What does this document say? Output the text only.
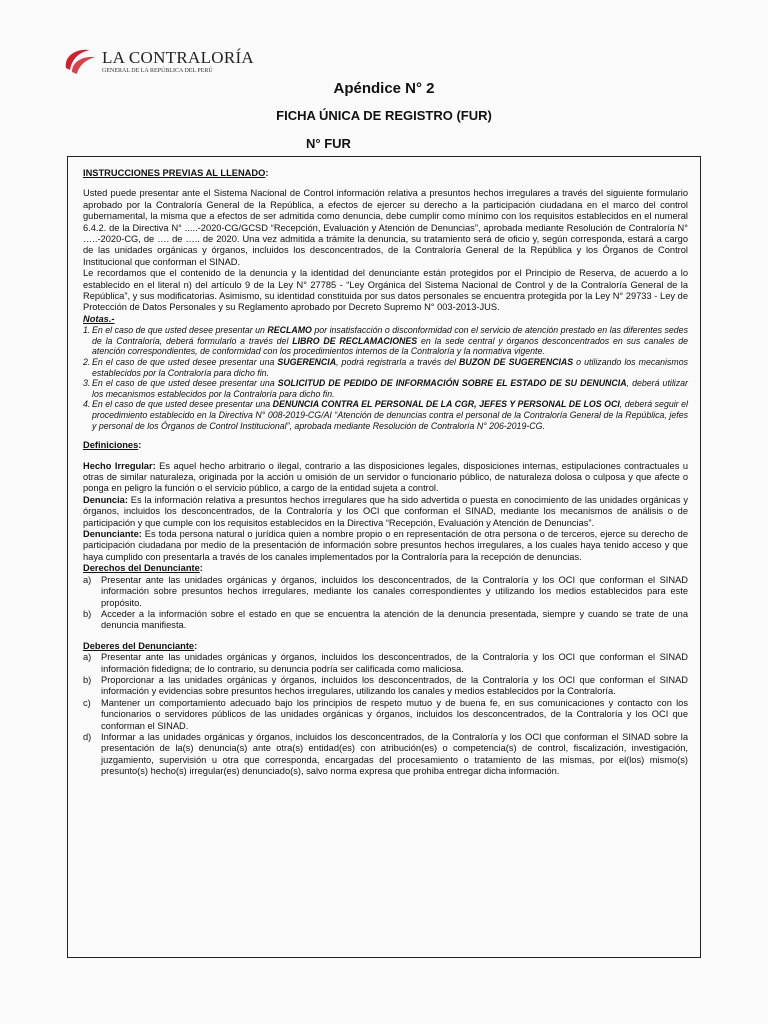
LA CONTRALORÍA
GENERAL DE LA REPÚBLICA DEL PERÚ
Apéndice N° 2
FICHA ÚNICA DE REGISTRO (FUR)
N° FUR
INSTRUCCIONES PREVIAS AL LLENADO:

Usted puede presentar ante el Sistema Nacional de Control información relativa a presuntos hechos irregulares a través del siguiente formulario aprobado por la Contraloría General de la República, a efectos de ejercer su derecho a la participación ciudadana en el marco del control gubernamental, la misma que a efectos de ser admitida como denuncia, debe cumplir como mínimo con los requisitos establecidos en el numeral 6.4.2. de la Directiva N° .....-2020-CG/GCSD “Recepción, Evaluación y Atención de Denuncias”, aprobada mediante Resolución de Contraloría N° …..-2020-CG, de …. de ….. de 2020. Una vez admitida a trámite la denuncia, su tratamiento será de oficio y, según corresponda, estará a cargo de las unidades orgánicas y órganos, incluidos los desconcentrados, de la Contraloría General de la República y los Órganos de Control Institucional que conforman el SINAD.

Le recordamos que el contenido de la denuncia y la identidad del denunciante están protegidos por el Principio de Reserva, de acuerdo a lo establecido en el literal n) del artículo 9 de la Ley N° 27785 - “Ley Orgánica del Sistema Nacional de Control y de la Contraloría General de la República”, y sus modificatorias. Asimismo, su identidad constituida por sus datos personales se encuentra protegida por la Ley N° 29733 - Ley de Protección de Datos Personales y su Reglamento aprobado por Decreto Supremo N° 003-2013-JUS.

Notas.-
1. En el caso de que usted desee presentar un RECLAMO por insatisfacción o disconformidad con el servicio de atención prestado en las diferentes sedes de la Contraloría, deberá formularlo a través del LIBRO DE RECLAMACIONES en la sede central y órganos desconcentrados en sus canales de atención correspondientes, de conformidad con los procedimientos internos de la Contraloría y la normativa vigente.
2. En el caso de que usted desee presentar una SUGERENCIA, podrá registrarla a través del BUZON DE SUGERENCIAS o utilizando los mecanismos establecidos por la Contraloría para dicho fin.
3. En el caso de que usted desee presentar una SOLICITUD DE PEDIDO DE INFORMACIÓN SOBRE EL ESTADO DE SU DENUNCIA, deberá utilizar los mecanismos establecidos por la Contraloría para dicho fin.
4. En el caso de que usted desee presentar una DENUNCIA CONTRA EL PERSONAL DE LA CGR, JEFES Y PERSONAL DE LOS OCI, deberá seguir el procedimiento establecido en la Directiva N° 008-2019-CG/AI “Atención de denuncias contra el personal de la Contraloría General de la República, jefes y personal de los Órganos de Control Institucional”, aprobada mediante Resolución de Contraloría N° 206-2019-CG.
Definiciones:

Hecho Irregular: Es aquel hecho arbitrario o ilegal, contrario a las disposiciones legales, disposiciones internas, estipulaciones contractuales u otras de similar naturaleza, originada por la acción u omisión de un servidor o funcionario público, de naturaleza dolosa o culposa y que afecte o ponga en peligro la función o el servicio público, a cargo de la entidad sujeta a control.

Denuncia: Es la información relativa a presuntos hechos irregulares que ha sido advertida o puesta en conocimiento de las unidades orgánicas y órganos, incluidos los desconcentrados, de la Contraloría y los OCI que conforman el SINAD, mediante los mecanismos de análisis o de participación y que cumple con los requisitos establecidos en la Directiva “Recepción, Evaluación y Atención de Denuncias”.

Denunciante: Es toda persona natural o jurídica quien a nombre propio o en representación de otra persona o de terceros, ejerce su derecho de participación ciudadana por medio de la presentación de información sobre presuntos hechos irregulares, a los cuales haya tenido acceso y que haya cumplido con presentarla a través de los canales implementados por la Contraloría para la recepción de denuncias.

Derechos del Denunciante:
a) Presentar ante las unidades orgánicas y órganos, incluidos los desconcentrados, de la Contraloría y los OCI que conforman el SINAD información sobre presuntos hechos irregulares, mediante los canales correspondientes y utilizando los medios establecidos para este propósito.
b) Acceder a la información sobre el estado en que se encuentra la atención de la denuncia presentada, siempre y cuando se trate de una denuncia manifiesta.
Deberes del Denunciante:
a) Presentar ante las unidades orgánicas y órganos, incluidos los desconcentrados, de la Contraloría y los OCI que conforman el SINAD información fidedigna; de lo contrario, su denuncia podría ser calificada como maliciosa.
b) Proporcionar a las unidades orgánicas y órganos, incluidos los desconcentrados, de la Contraloría y los OCI que conforman el SINAD información y evidencias sobre presuntos hechos irregulares, utilizando los canales y medios establecidos por la Contraloría.
c) Mantener un comportamiento adecuado bajo los principios de respeto mutuo y de buena fe, en sus comunicaciones y contacto con los funcionarios o servidores públicos de las unidades orgánicas y órganos, incluidos los desconcentrados, de la Contraloría y los OCI que conforman el SINAD.
d) Informar a las unidades orgánicas y órganos, incluidos los desconcentrados, de la Contraloría y los OCI que conforman el SINAD sobre la presentación de la(s) denuncia(s) ante otra(s) entidad(es) con atribución(es) o competencia(s) de control, fiscalización, investigación, juzgamiento, supervisión u otra que corresponda, encargadas del procesamiento o tratamiento de las mismas, por el(los) mismo(s) presunto(s) hecho(s) irregular(es) denunciado(s), salvo norma expresa que prohiba entregar dicha información.
